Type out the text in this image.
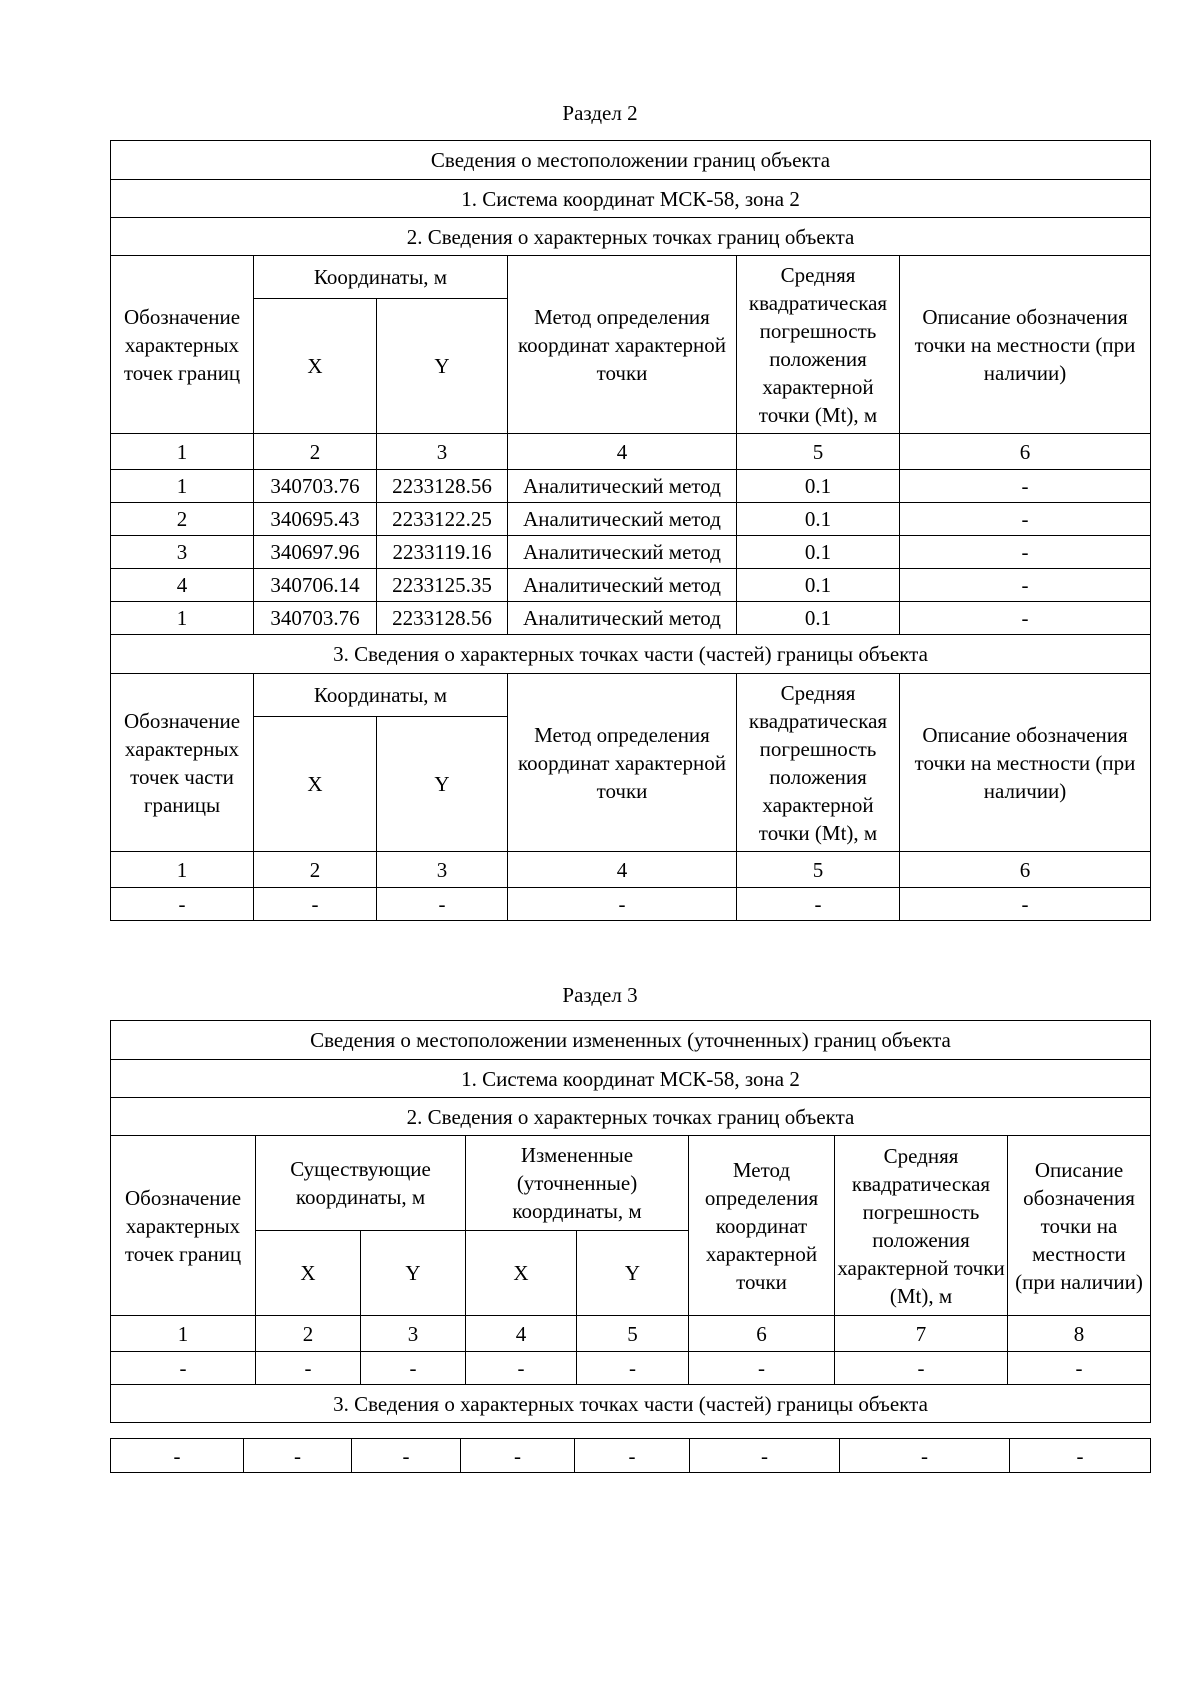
Раздел 2
Сведения о местоположении границ объекта					
1. Система координат МСК-58, зона 2					
2. Сведения о характерных точках границ объекта					
Обозначение характерных точек границ	Координаты, м		Метод определения координат характерной точки	Средняя квадратическая погрешность положения характерной точки (Mt), м	Описание обозначения точки на местности (при наличии)
	X	Y			
1	2	3	4	5	6
1	340703.76	2233128.56	Аналитический метод	0.1	-
2	340695.43	2233122.25	Аналитический метод	0.1	-
3	340697.96	2233119.16	Аналитический метод	0.1	-
4	340706.14	2233125.35	Аналитический метод	0.1	-
1	340703.76	2233128.56	Аналитический метод	0.1	-
3. Сведения о характерных точках части (частей) границы объекта					
Обозначение характерных точек части границы	Координаты, м		Метод определения координат характерной точки	Средняя квадратическая погрешность положения характерной точки (Mt), м	Описание обозначения точки на местности (при наличии)
	X	Y			
1	2	3	4	5	6
-	-	-	-	-	-
Раздел 3
Сведения о местоположении измененных (уточненных) границ объекта							
1. Система координат МСК-58, зона 2							
2. Сведения о характерных точках границ объекта							
Обозначение характерных точек границ	Существующие координаты, м		Измененные (уточненные) координаты, м		Метод определения координат характерной точки	Средняя квадратическая погрешность положения характерной точки (Mt), м	Описание обозначения точки на местности (при наличии)
	X	Y	X	Y			
1	2	3	4	5	6	7	8
-	-	-	-	-	-	-	-
3. Сведения о характерных точках части (частей) границы объекта							
-	-	-	-	-	-	-	-
